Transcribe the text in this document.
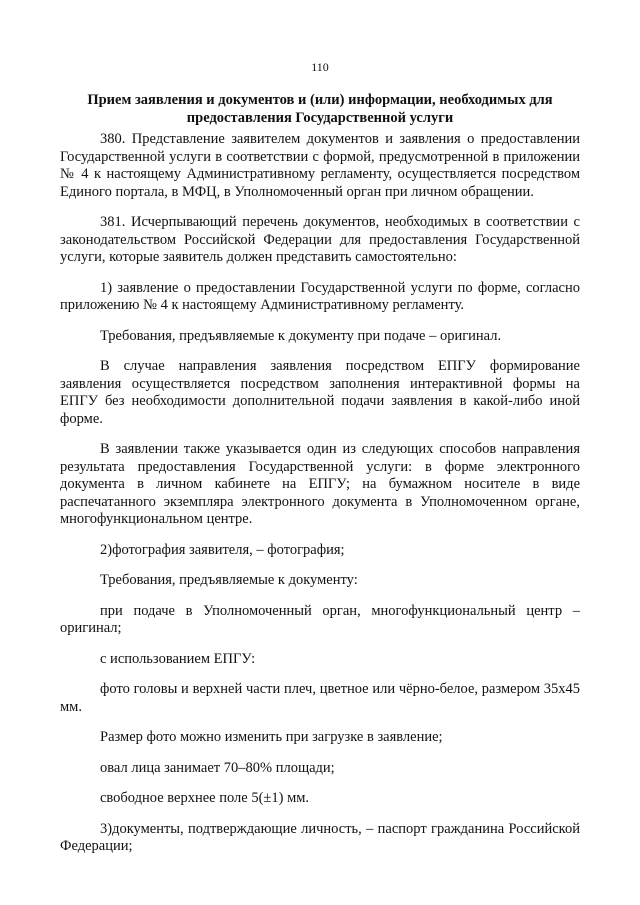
110
Прием заявления и документов и (или) информации, необходимых для предоставления Государственной услуги

380. Представление заявителем документов и заявления о предоставлении Государственной услуги в соответствии с формой, предусмотренной в приложении № 4 к настоящему Административному регламенту, осуществляется посредством Единого портала, в МФЦ, в Уполномоченный орган при личном обращении.

381. Исчерпывающий перечень документов, необходимых в соответствии с законодательством Российской Федерации для предоставления Государственной услуги, которые заявитель должен представить самостоятельно:

1) заявление о предоставлении Государственной услуги по форме, согласно приложению № 4 к настоящему Административному регламенту.

Требования, предъявляемые к документу при подаче – оригинал.

В случае направления заявления посредством ЕПГУ формирование заявления осуществляется посредством заполнения интерактивной формы на ЕПГУ без необходимости дополнительной подачи заявления в какой-либо иной форме.

В заявлении также указывается один из следующих способов направления результата предоставления Государственной услуги: в форме электронного документа в личном кабинете на ЕПГУ; на бумажном носителе в виде распечатанного экземпляра электронного документа в Уполномоченном органе, многофункциональном центре.

2)фотография заявителя, – фотография;

Требования, предъявляемые к документу:

при подаче в Уполномоченный орган, многофункциональный центр – оригинал;

с использованием ЕПГУ:

фото головы и верхней части плеч, цветное или чёрно-белое, размером 35x45 мм.

Размер фото можно изменить при загрузке в заявление;

овал лица занимает 70–80% площади;

свободное верхнее поле 5(±1) мм.

3)документы, подтверждающие личность, – паспорт гражданина Российской Федерации;
